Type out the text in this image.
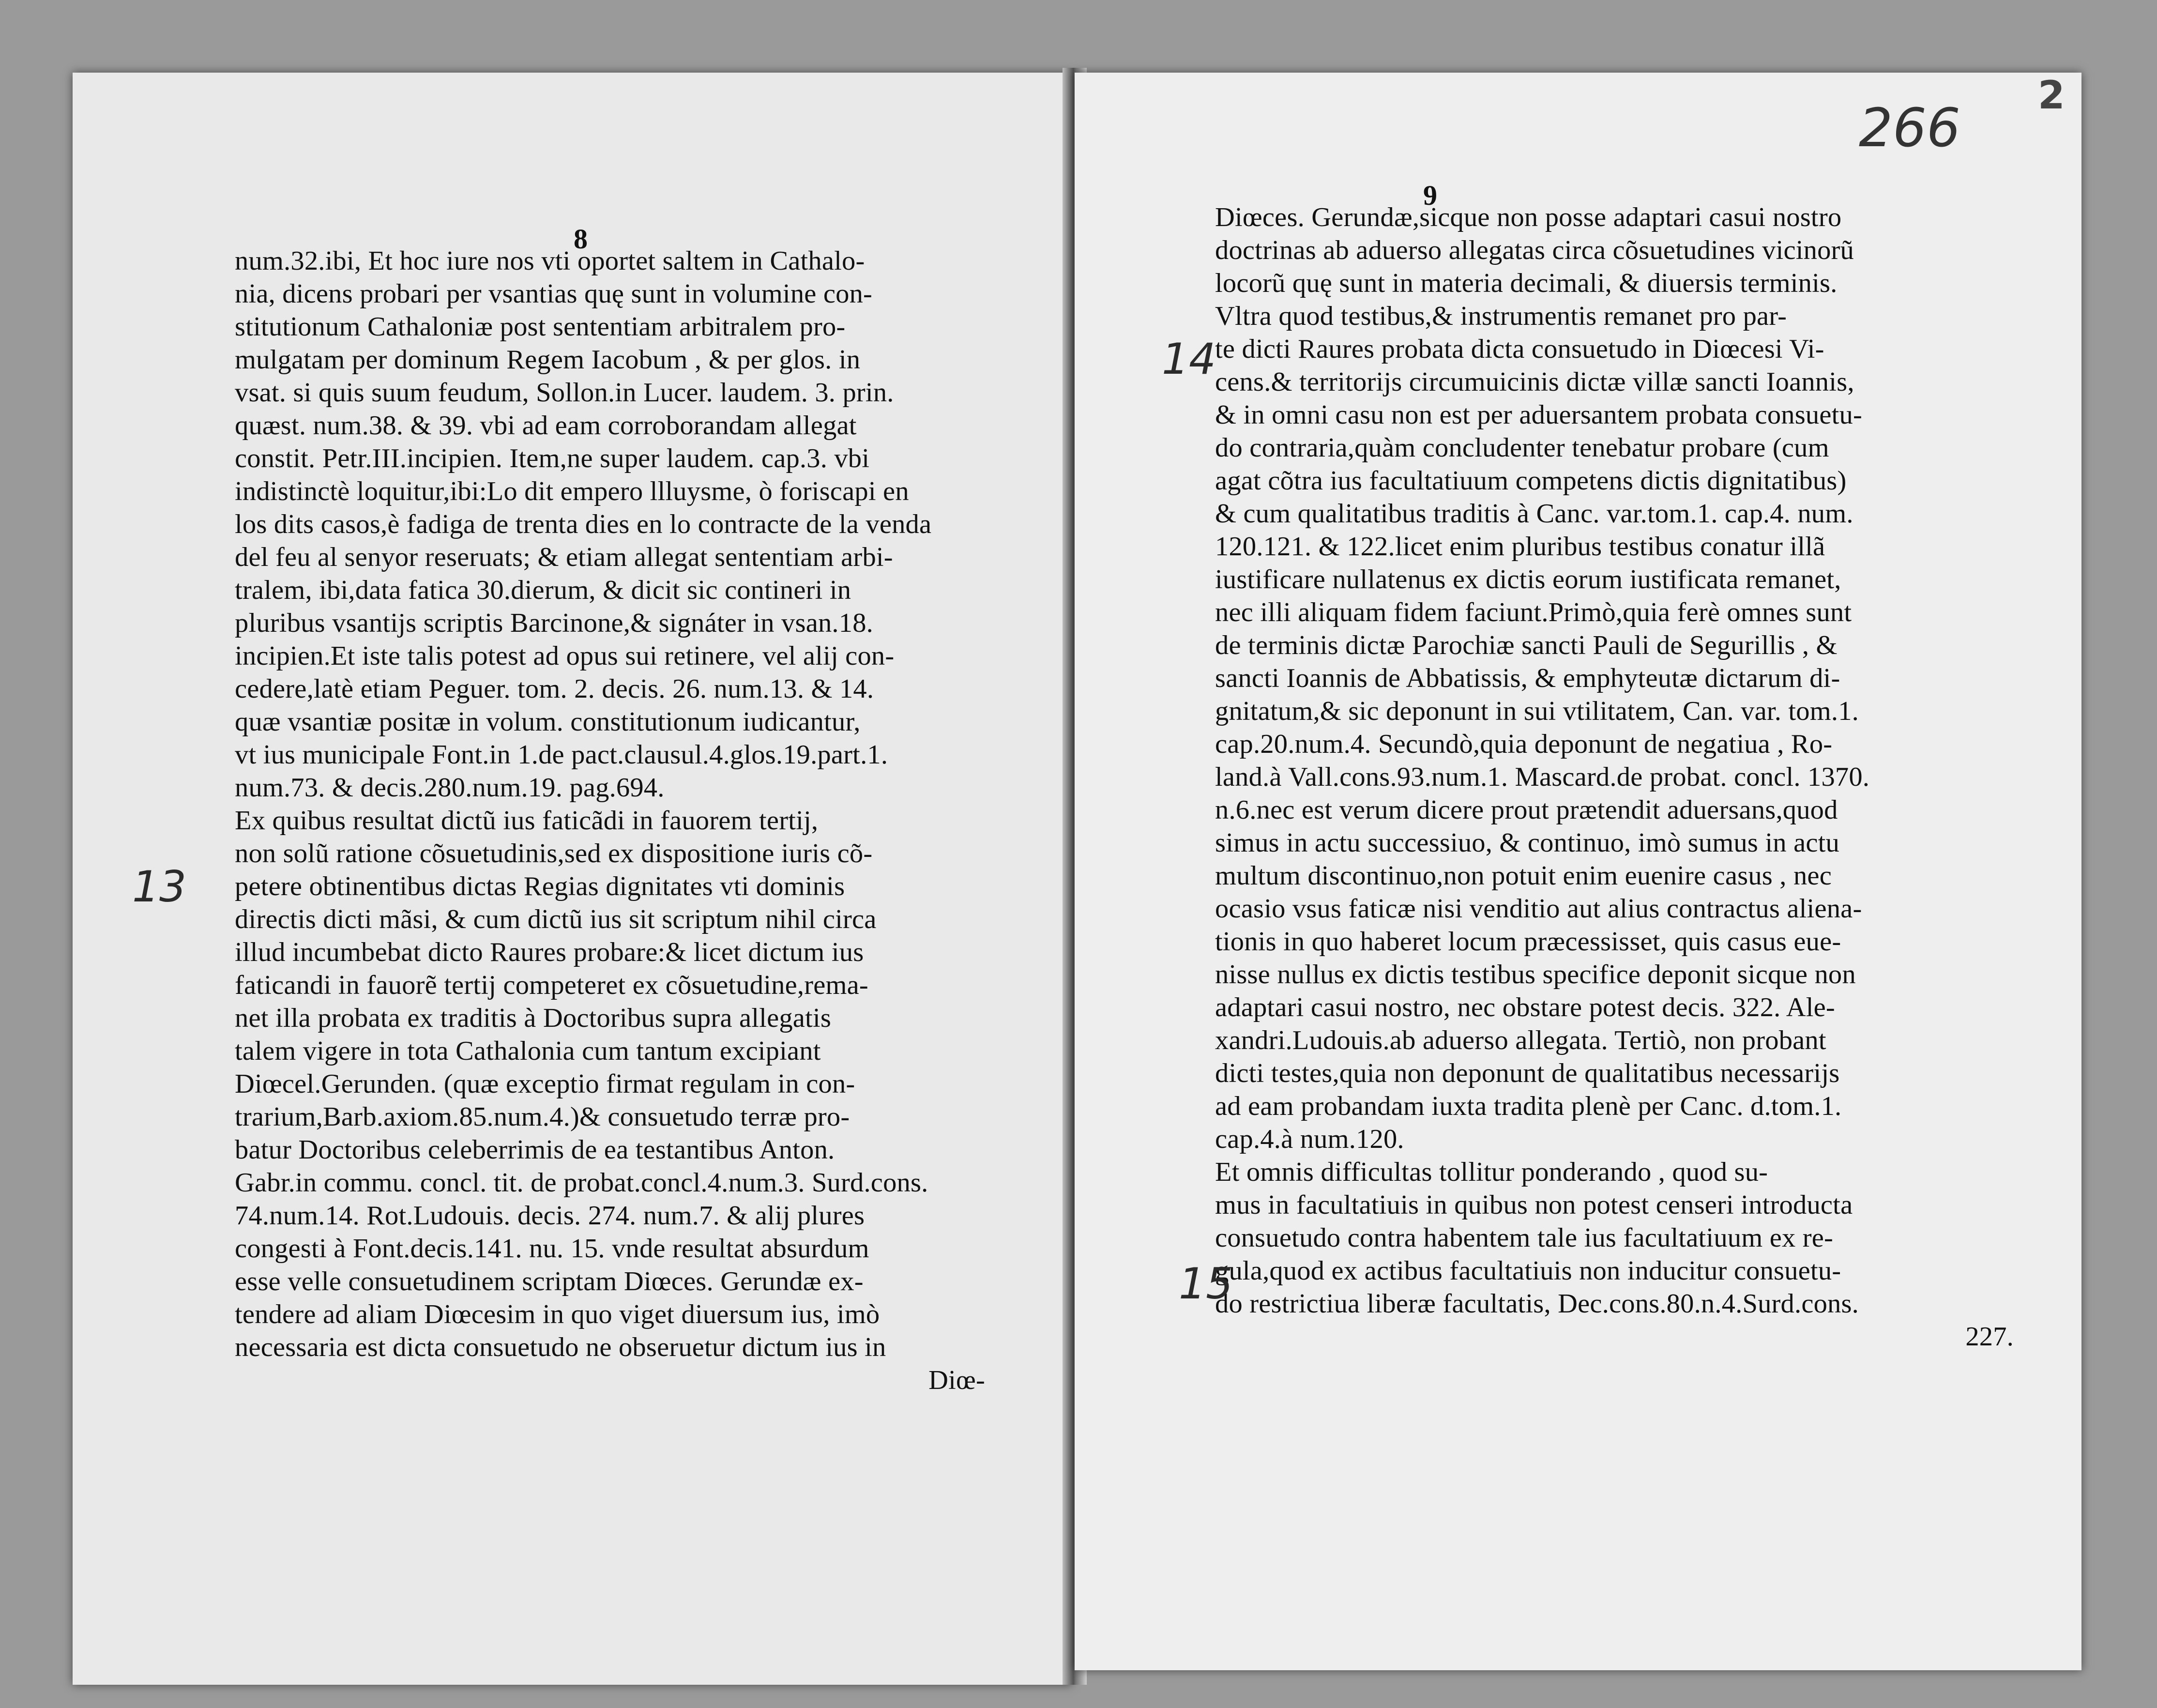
8
num.32.ibi, Et hoc iure nos vti oportet saltem in Cathalo-
nia, dicens probari per vsantias quę sunt in volumine con-
stitutionum Cathaloniæ post sententiam arbitralem pro-
mulgatam per dominum Regem Iacobum , & per glos. in
vsat. si quis suum feudum, Sollon.in Lucer. laudem. 3. prin.
quæst. num.38. & 39. vbi ad eam corroborandam allegat
constit. Petr.III.incipien. Item,ne super laudem. cap.3. vbi
indistinctè loquitur,ibi:Lo dit empero llluysme, ò foriscapi en
los dits casos,è fadiga de trenta dies en lo contracte de la venda
del feu al senyor reseruats; & etiam allegat sententiam arbi-
tralem, ibi,data fatica 30.dierum, & dicit sic contineri in
pluribus vsantijs scriptis Barcinone,& signáter in vsan.18.
incipien.Et iste talis potest ad opus sui retinere, vel alij con-
cedere,latè etiam Peguer. tom. 2. decis. 26. num.13. & 14.
quæ vsantiæ positæ in volum. constitutionum iudicantur,
vt ius municipale Font.in 1.de pact.clausul.4.glos.19.part.1.
num.73. & decis.280.num.19. pag.694.
Ex quibus resultat dictũ ius faticãdi in fauorem tertij,
non solũ ratione cõsuetudinis,sed ex dispositione iuris cõ-
petere obtinentibus dictas Regias dignitates vti dominis
directis dicti mãsi, & cum dictũ ius sit scriptum nihil circa
illud incumbebat dicto Raures probare:& licet dictum ius
faticandi in fauorẽ tertij competeret ex cõsuetudine,rema-
net illa probata ex traditis à Doctoribus supra allegatis
talem vigere in tota Cathalonia cum tantum excipiant
Diœcel.Gerunden. (quæ exceptio firmat regulam in con-
trarium,Barb.axiom.85.num.4.)& consuetudo terræ pro-
batur Doctoribus celeberrimis de ea testantibus Anton.
Gabr.in commu. concl. tit. de probat.concl.4.num.3. Surd.cons.
74.num.14. Rot.Ludouis. decis. 274. num.7. & alij plures
congesti à Font.decis.141. nu. 15. vnde resultat absurdum
esse velle consuetudinem scriptam Diœces. Gerundæ ex-
tendere ad aliam Diœcesim in quo viget diuersum ius, imò
necessaria est dicta consuetudo ne obseruetur dictum ius in
Diœ-
13
266
2
9
Diœces. Gerundæ,sicque non posse adaptari casui nostro
doctrinas ab aduerso allegatas circa cõsuetudines vicinorũ
locorũ quę sunt in materia decimali, & diuersis terminis.
Vltra quod testibus,& instrumentis remanet pro par-
te dicti Raures probata dicta consuetudo in Diœcesi Vi-
cens.& territorijs circumuicinis dictæ villæ sancti Ioannis,
& in omni casu non est per aduersantem probata consuetu-
do contraria,quàm concludenter tenebatur probare (cum
agat cõtra ius facultatiuum competens dictis dignitatibus)
& cum qualitatibus traditis à Canc. var.tom.1. cap.4. num.
120.121. & 122.licet enim pluribus testibus conatur illã
iustificare nullatenus ex dictis eorum iustificata remanet,
nec illi aliquam fidem faciunt.Primò,quia ferè omnes sunt
de terminis dictæ Parochiæ sancti Pauli de Segurillis , &
sancti Ioannis de Abbatissis, & emphyteutæ dictarum di-
gnitatum,& sic deponunt in sui vtilitatem, Can. var. tom.1.
cap.20.num.4. Secundò,quia deponunt de negatiua , Ro-
land.à Vall.cons.93.num.1. Mascard.de probat. concl. 1370.
n.6.nec est verum dicere prout prætendit aduersans,quod
simus in actu successiuo, & continuo, imò sumus in actu
multum discontinuo,non potuit enim euenire casus , nec
ocasio vsus faticæ nisi venditio aut alius contractus aliena-
tionis in quo haberet locum præcessisset, quis casus eue-
nisse nullus ex dictis testibus specifice deponit sicque non
adaptari casui nostro, nec obstare potest decis. 322. Ale-
xandri.Ludouis.ab aduerso allegata. Tertiò, non probant
dicti testes,quia non deponunt de qualitatibus necessarijs
ad eam probandam iuxta tradita plenè per Canc. d.tom.1.
cap.4.à num.120.
Et omnis difficultas tollitur ponderando , quod su-
mus in facultatiuis in quibus non potest censeri introducta
consuetudo contra habentem tale ius facultatiuum ex re-
gula,quod ex actibus facultatiuis non inducitur consuetu-
do restrictiua liberæ facultatis, Dec.cons.80.n.4.Surd.cons.
227.
14
15
